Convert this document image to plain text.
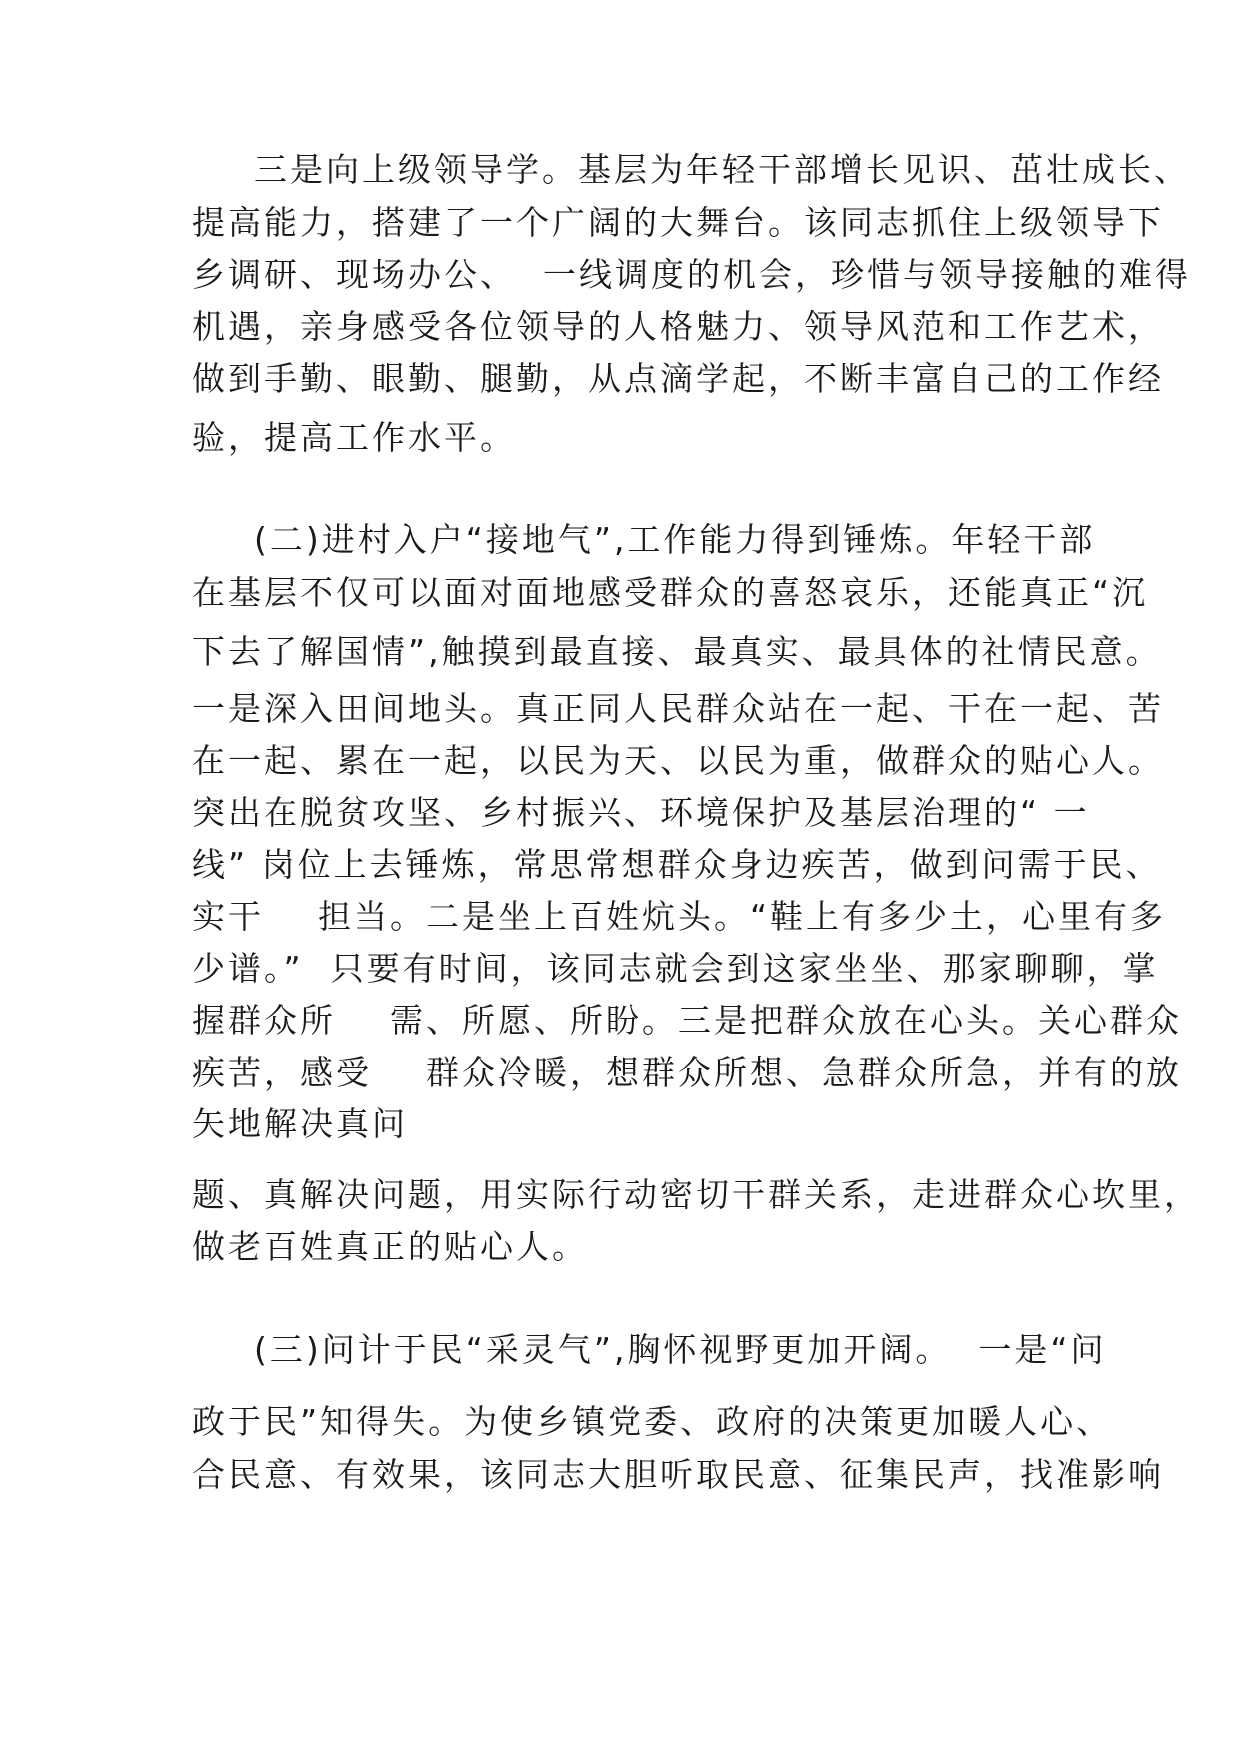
三是向上级领导学。基层为年轻干部增长见识、茁壮成长、
提高能力，搭建了一个广阔的大舞台。该同志抓住上级领导下
乡调研、现场办公、  一线调度的机会，珍惜与领导接触的难得
机遇，亲身感受各位领导的人格魅力、领导风范和工作艺术，
做到手勤、眼勤、腿勤，从点滴学起，不断丰富自己的工作经
验，提高工作水平。
(二)进村入户“接地气”,工作能力得到锤炼。年轻干部
在基层不仅可以面对面地感受群众的喜怒哀乐，还能真正“沉
下去了解国情”,触摸到最直接、最真实、最具体的社情民意。
一是深入田间地头。真正同人民群众站在一起、干在一起、苦
在一起、累在一起，以民为天、以民为重，做群众的贴心人。
突出在脱贫攻坚、乡村振兴、环境保护及基层治理的“ 一
线” 岗位上去锤炼，常思常想群众身边疾苦，做到问需于民、
实干    担当。二是坐上百姓炕头。“鞋上有多少土，心里有多
少谱。”  只要有时间，该同志就会到这家坐坐、那家聊聊，掌
握群众所    需、所愿、所盼。三是把群众放在心头。关心群众
疾苦，感受    群众冷暖，想群众所想、急群众所急，并有的放
矢地解决真问
题、真解决问题，用实际行动密切干群关系，走进群众心坎里，
做老百姓真正的贴心人。
(三)问计于民“采灵气”,胸怀视野更加开阔。  一是“问
政于民”知得失。为使乡镇党委、政府的决策更加暖人心、
合民意、有效果，该同志大胆听取民意、征集民声，找准影响
